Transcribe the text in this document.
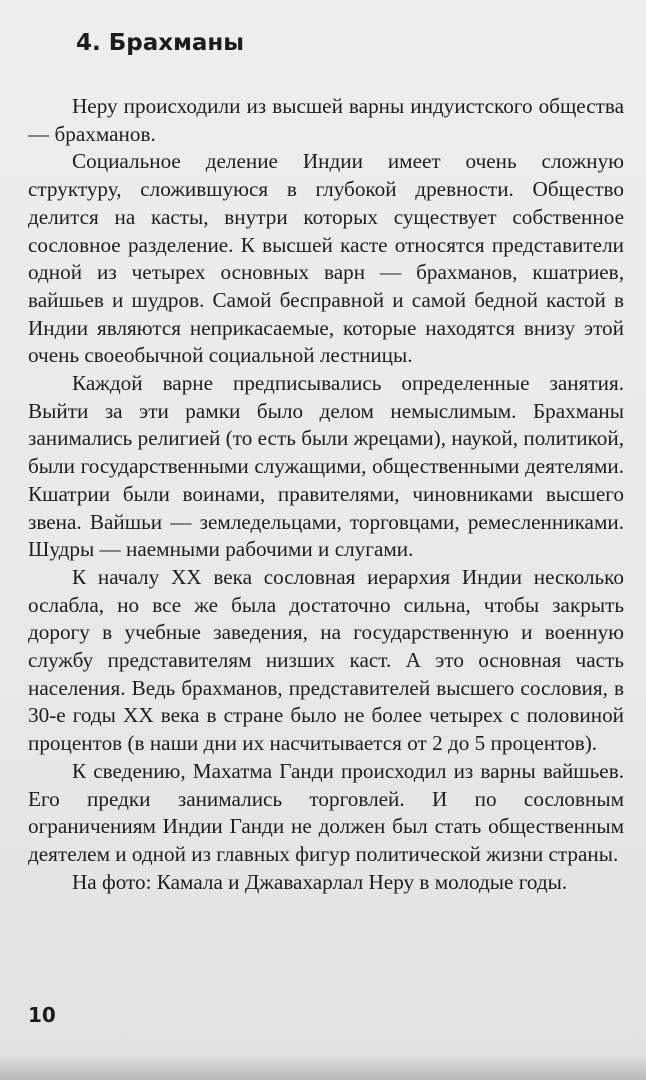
4. Брахманы

Неру происходили из высшей варны индуистского общества — брахманов.

Социальное деление Индии имеет очень сложную структуру, сложившуюся в глубокой древности. Общество делится на касты, внутри которых существует собственное сословное разделение. К высшей касте относятся представители одной из четырех основных варн — брахманов, кшатриев, вайшьев и шудров. Самой бесправной и самой бедной кастой в Индии являются неприкасаемые, которые находятся внизу этой очень своеобычной социальной лестницы.

Каждой варне предписывались определенные занятия. Выйти за эти рамки было делом немыслимым. Брахманы занимались религией (то есть были жрецами), наукой, политикой, были государственными служащими, общественными деятелями. Кшатрии были воинами, правителями, чиновниками высшего звена. Вайшьи — земледельцами, торговцами, ремесленниками. Шудры — наемными рабочими и слугами.

К началу XX века сословная иерархия Индии несколько ослабла, но все же была достаточно сильна, чтобы закрыть дорогу в учебные заведения, на государственную и военную службу представителям низших каст. А это основная часть населения. Ведь брахманов, представителей высшего сословия, в 30-е годы XX века в стране было не более четырех с половиной процентов (в наши дни их насчитывается от 2 до 5 процентов).

К сведению, Махатма Ганди происходил из варны вайшьев. Его предки занимались торговлей. И по сословным ограничениям Индии Ганди не должен был стать общественным деятелем и одной из главных фигур политической жизни страны.

На фото: Камала и Джавахарлал Неру в молодые годы.

10
